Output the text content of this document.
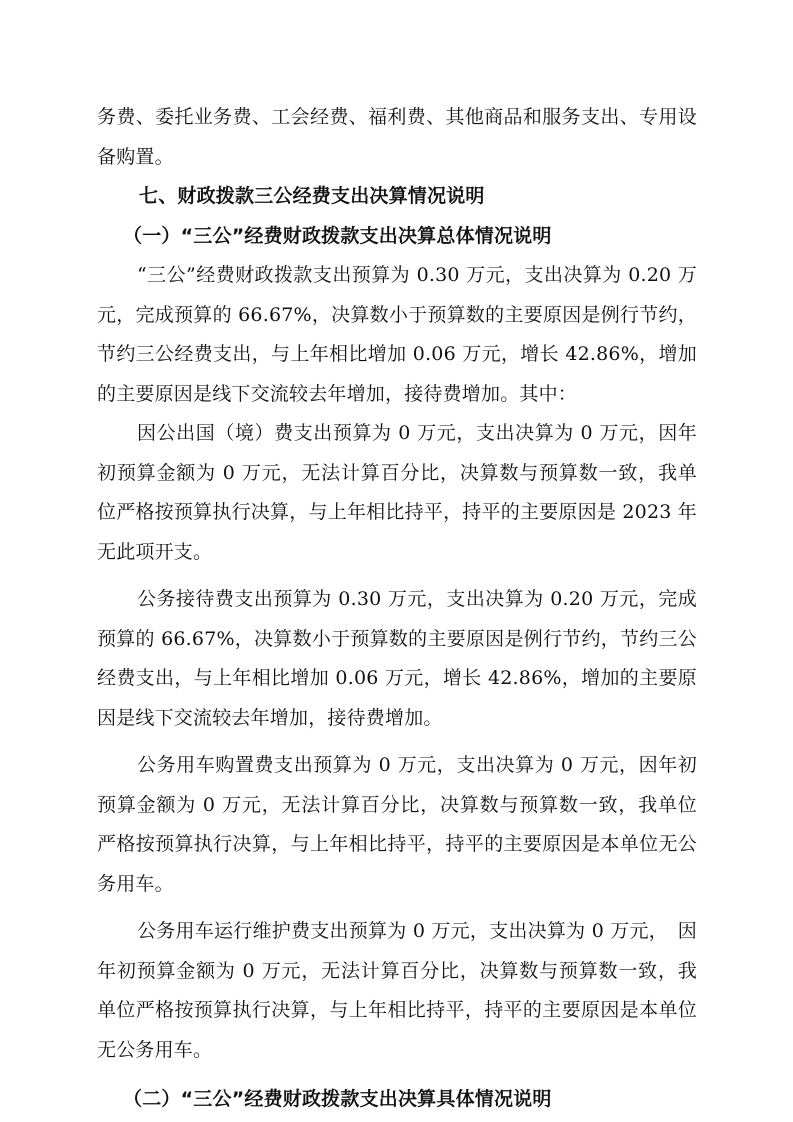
务费、委托业务费、工会经费、福利费、其他商品和服务支出、专用设备购置。

七、财政拨款三公经费支出决算情况说明

（一）“三公”经费财政拨款支出决算总体情况说明

“三公”经费财政拨款支出预算为 0.30 万元，支出决算为 0.20 万元，完成预算的 66.67%，决算数小于预算数的主要原因是例行节约，节约三公经费支出，与上年相比增加 0.06 万元，增长 42.86%，增加的主要原因是线下交流较去年增加，接待费增加。其中：

因公出国（境）费支出预算为 0 万元，支出决算为 0 万元，因年初预算金额为 0 万元，无法计算百分比，决算数与预算数一致，我单位严格按预算执行决算，与上年相比持平，持平的主要原因是 2023 年无此项开支。

公务接待费支出预算为 0.30 万元，支出决算为 0.20 万元，完成预算的 66.67%，决算数小于预算数的主要原因是例行节约，节约三公经费支出，与上年相比增加 0.06 万元，增长 42.86%，增加的主要原因是线下交流较去年增加，接待费增加。

公务用车购置费支出预算为 0 万元，支出决算为 0 万元，因年初预算金额为 0 万元，无法计算百分比，决算数与预算数一致，我单位严格按预算执行决算，与上年相比持平，持平的主要原因是本单位无公务用车。

公务用车运行维护费支出预算为 0 万元，支出决算为 0 万元，　因年初预算金额为 0 万元，无法计算百分比，决算数与预算数一致，我单位严格按预算执行决算，与上年相比持平，持平的主要原因是本单位无公务用车。

（二）“三公”经费财政拨款支出决算具体情况说明
